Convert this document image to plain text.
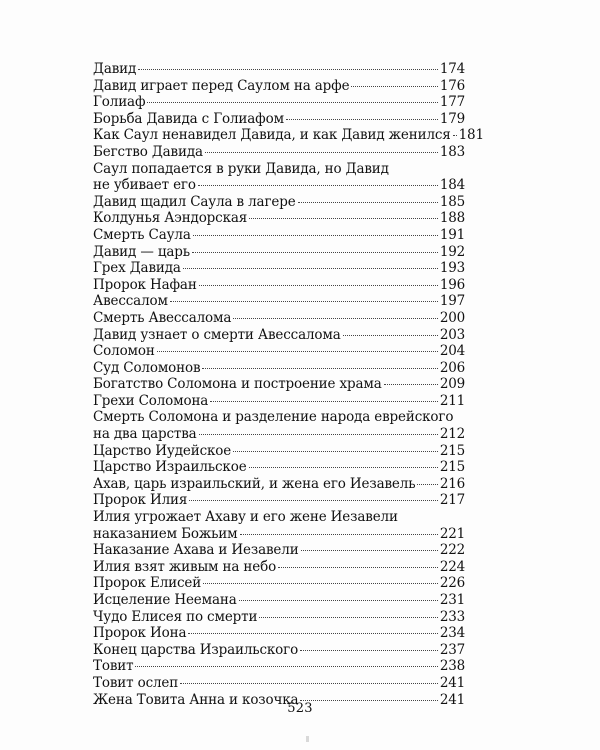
Давид	174
Давид играет перед Саулом на арфе	176
Голиаф	177
Борьба Давида с Голиафом	179
Как Саул ненавидел Давида, и как Давид женился 181
Бегство Давида	183
Саул попадается в руки Давида, но Давид
не убивает его	184
Давид щадил Саула в лагере	185
Колдунья Аэндорская	188
Смерть Саула	191
Давид — царь	192
Грех Давида	193
Пророк Нафан	196
Авессалом	197
Смерть Авессалома	200
Давид узнает о смерти Авессалома	203
Соломон	204
Суд Соломонов	206
Богатство Соломона и построение храма	209
Грехи Соломона	211
Смерть Соломона и разделение народа еврейского
на два царства	212
Царство Иудейское	215
Царство Израильское	215
Ахав, царь израильский, и жена его Иезавель 216
Пророк Илия	217
Илия угрожает Ахаву и его жене Иезавели
наказанием Божьим	221
Наказание Ахава и Иезавели	222
Илия взят живым на небо	224
Пророк Елисей	226
Исцеление Неемана	231
Чудо Елисея по смерти	233
Пророк Иона	234
Конец царства Израильского	237
Товит	238
Товит ослеп	241
Жена Товита Анна и козочка	241
523
